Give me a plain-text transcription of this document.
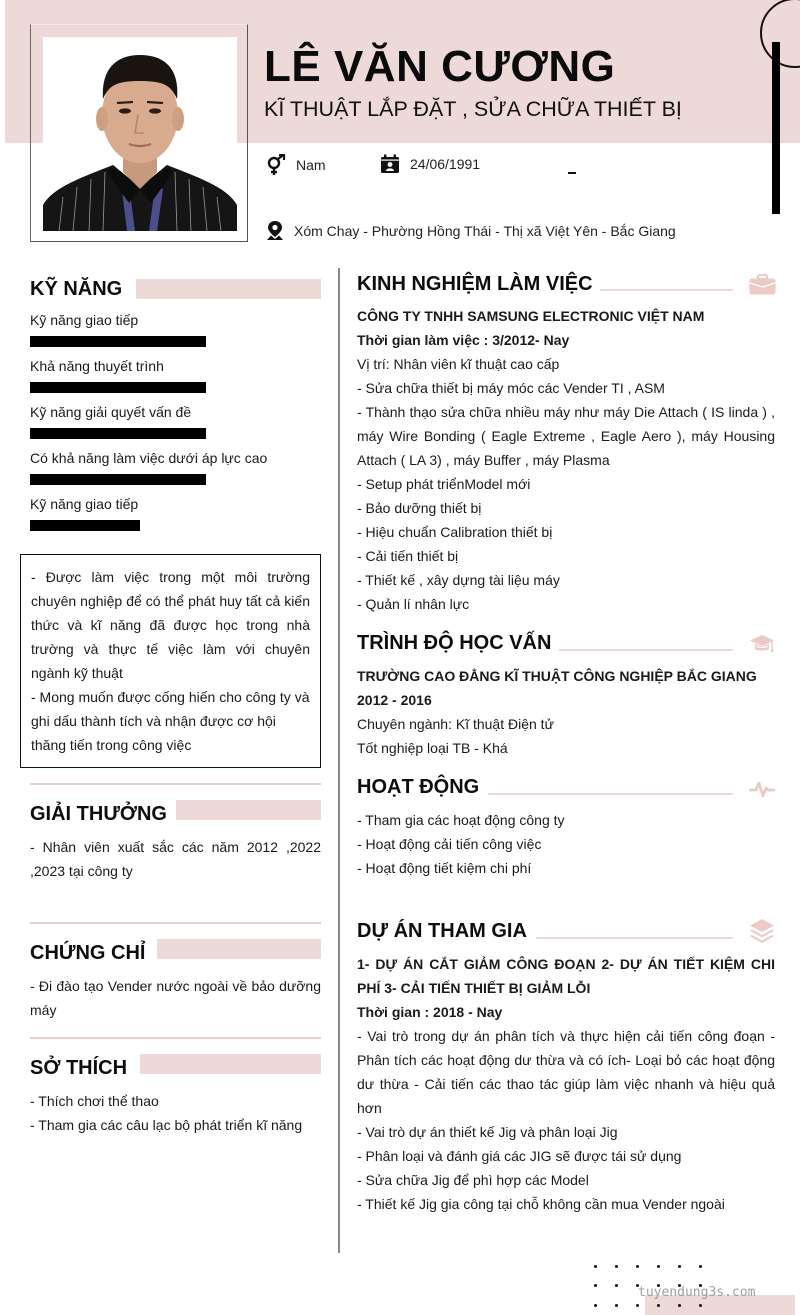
LÊ VĂN CƯƠNG
KĨ THUẬT LẮP ĐẶT , SỬA CHỮA THIẾT BỊ
Nam	24/06/1991
Xóm Chay - Phường Hồng Thái - Thị xã Việt Yên - Bắc Giang
KỸ NĂNG
Kỹ năng giao tiếp
Khả năng thuyết trình
Kỹ năng giải quyết vấn đề
Có khả năng làm việc dưới áp lực cao
Kỹ năng giao tiếp
- Được làm việc trong một môi trường chuyên nghiệp để có thể phát huy tất cả kiến thức và kĩ năng đã được học trong nhà trường và thực tế việc làm với chuyên ngành kỹ thuật
- Mong muốn được cống hiến cho công ty và ghi dấu thành tích và nhận được cơ hội thăng tiến trong công việc
GIẢI THƯỞNG
- Nhân viên xuất sắc các năm 2012 ,2022 ,2023 tại công ty
CHỨNG CHỈ
- Đi đào tạo Vender nước ngoài về bảo dưỡng máy
SỞ THÍCH
- Thích chơi thể thao
- Tham gia các câu lạc bộ phát triển kĩ năng
KINH NGHIỆM LÀM VIỆC
CÔNG TY TNHH SAMSUNG ELECTRONIC VIỆT NAM
Thời gian làm việc : 3/2012- Nay
Vị trí: Nhân viên kĩ thuật cao cấp
- Sửa chữa thiết bị máy móc các Vender TI , ASM
- Thành thạo sửa chữa nhiều máy như máy Die Attach ( IS linda ) , máy Wire Bonding ( Eagle Extreme , Eagle Aero ), máy Housing Attach ( LA 3) , máy Buffer , máy Plasma
- Setup phát triểnModel mới
- Bảo dưỡng thiết bị
- Hiệu chuẩn Calibration thiết bị
- Cải tiến thiết bị
- Thiết kế , xây dựng tài liệu máy
- Quản lí nhân lực
TRÌNH ĐỘ HỌC VẤN
TRƯỜNG CAO ĐẲNG KĨ THUẬT CÔNG NGHIỆP BẮC GIANG
2012 - 2016
Chuyên ngành: Kĩ thuật Điện tử
Tốt nghiệp loại TB - Khá
HOẠT ĐỘNG
- Tham gia các hoạt động công ty
- Hoạt động cải tiến công việc
- Hoạt động tiết kiệm chi phí
DỰ ÁN THAM GIA
1- DỰ ÁN CẮT GIẢM CÔNG ĐOẠN 2- DỰ ÁN TIẾT KIỆM CHI PHÍ 3- CẢI TIẾN THIẾT BỊ GIẢM LỖI
Thời gian : 2018 - Nay
- Vai trò trong dự án phân tích và thực hiện cải tiến công đoạn - Phân tích các hoạt động dư thừa và có ích- Loại bỏ các hoạt động dư thừa - Cải tiến các thao tác giúp làm việc nhanh và hiệu quả hơn
- Vai trò dự án thiết kế Jig và phân loại Jig
- Phân loại và đánh giá các JIG sẽ được tái sử dụng
- Sửa chữa Jig để phì hợp các Model
- Thiết kế Jig gia công tại chỗ không cần mua Vender ngoài
tuyendung3s.com
